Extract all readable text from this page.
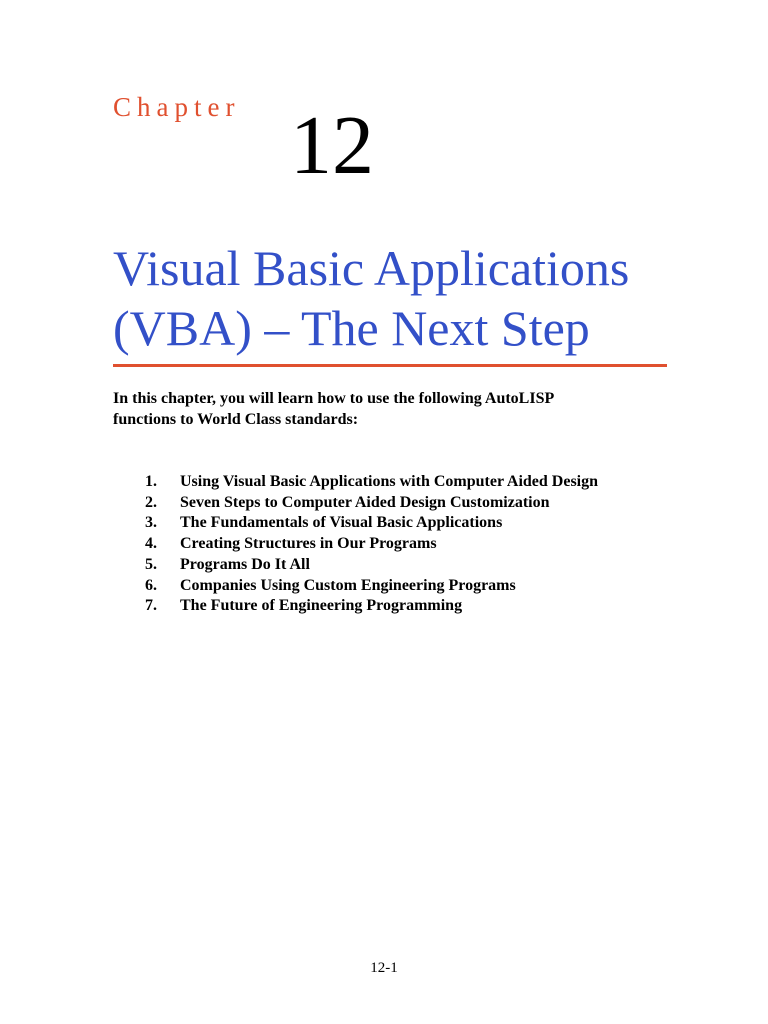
Chapter 12
Visual Basic Applications
(VBA) – The Next Step
In this chapter, you will learn how to use the following AutoLISP
functions to World Class standards:
1.	Using Visual Basic Applications with Computer Aided Design
2.	Seven Steps to Computer Aided Design Customization
3.	The Fundamentals of Visual Basic Applications
4.	Creating Structures in Our Programs
5.	Programs Do It All
6.	Companies Using Custom Engineering Programs
7.	The Future of Engineering Programming
12-1
